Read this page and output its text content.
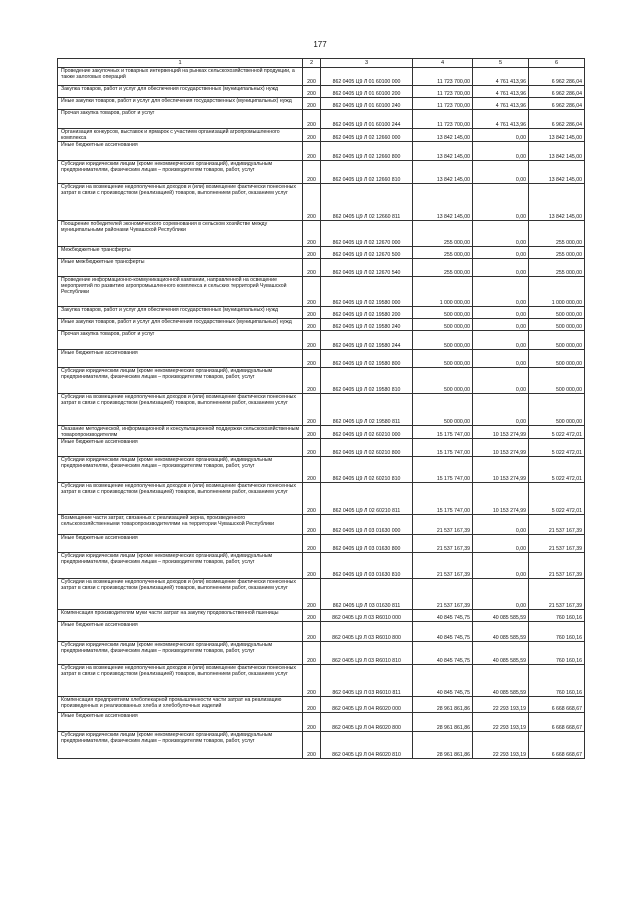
177
1	2	3	4	5	6
Проведение закупочных и товарных интервенций на рынках сельскохозяйственной продукции, а также залоговых операций	200	862 0405 Ц9 Л 01 60100 000	11 723 700,00	4 761 413,96	6 962 286,04
Закупка товаров, работ и услуг для обеспечения государственных (муниципальных) нужд	200	862 0405 Ц9 Л 01 60100 200	11 723 700,00	4 761 413,96	6 962 286,04
Иные закупки товаров, работ и услуг для обеспечения государственных (муниципальных) нужд	200	862 0405 Ц9 Л 01 60100 240	11 723 700,00	4 761 413,96	6 962 286,04
Прочая закупка товаров, работ и услуг	200	862 0405 Ц9 Л 01 60100 244	11 723 700,00	4 761 413,96	6 962 286,04
Организация конкурсов, выставок и ярмарок с участием организаций агропромышленного комплекса	200	862 0405 Ц9 Л 02 12660 000	13 842 145,00	0,00	13 842 145,00
Иные бюджетные ассигнования	200	862 0405 Ц9 Л 02 12660 800	13 842 145,00	0,00	13 842 145,00
Субсидии юридическим лицам (кроме некоммерческих организаций), индивидуальным предпринимателям, физическим лицам – производителям товаров, работ, услуг	200	862 0405 Ц9 Л 02 12660 810	13 842 145,00	0,00	13 842 145,00
Субсидии на возмещение недополученных доходов и (или) возмещение фактически понесенных затрат в связи с производством (реализацией) товаров, выполнением работ, оказанием услуг	200	862 0405 Ц9 Л 02 12660 811	13 842 145,00	0,00	13 842 145,00
Поощрение победителей экономического соревнования в сельском хозяйстве между муниципальными районами Чувашской Республики	200	862 0405 Ц9 Л 02 12670 000	255 000,00	0,00	255 000,00
Межбюджетные трансферты	200	862 0405 Ц9 Л 02 12670 500	255 000,00	0,00	255 000,00
Иные межбюджетные трансферты	200	862 0405 Ц9 Л 02 12670 540	255 000,00	0,00	255 000,00
Проведение информационно-коммуникационной кампании, направленной на освещение мероприятий по развитию агропромышленного комплекса и сельских территорий Чувашской Республики	200	862 0405 Ц9 Л 02 19580 000	1 000 000,00	0,00	1 000 000,00
Закупка товаров, работ и услуг для обеспечения государственных (муниципальных) нужд	200	862 0405 Ц9 Л 02 19580 200	500 000,00	0,00	500 000,00
Иные закупки товаров, работ и услуг для обеспечения государственных (муниципальных) нужд	200	862 0405 Ц9 Л 02 19580 240	500 000,00	0,00	500 000,00
Прочая закупка товаров, работ и услуг	200	862 0405 Ц9 Л 02 19580 244	500 000,00	0,00	500 000,00
Иные бюджетные ассигнования	200	862 0405 Ц9 Л 02 19580 800	500 000,00	0,00	500 000,00
Субсидии юридическим лицам (кроме некоммерческих организаций), индивидуальным предпринимателям, физическим лицам – производителям товаров, работ, услуг	200	862 0405 Ц9 Л 02 19580 810	500 000,00	0,00	500 000,00
Субсидии на возмещение недополученных доходов и (или) возмещение фактически понесенных затрат в связи с производством (реализацией) товаров, выполнением работ, оказанием услуг	200	862 0405 Ц9 Л 02 19580 811	500 000,00	0,00	500 000,00
Оказание методической, информационной и консультационной поддержки сельскохозяйственным товаропроизводителям	200	862 0405 Ц9 Л 02 60210 000	15 175 747,00	10 153 274,99	5 022 472,01
Иные бюджетные ассигнования	200	862 0405 Ц9 Л 02 60210 800	15 175 747,00	10 153 274,99	5 022 472,01
Субсидии юридическим лицам (кроме некоммерческих организаций), индивидуальным предпринимателям, физическим лицам – производителям товаров, работ, услуг	200	862 0405 Ц9 Л 02 60210 810	15 175 747,00	10 153 274,99	5 022 472,01
Субсидии на возмещение недополученных доходов и (или) возмещение фактически понесенных затрат в связи с производством (реализацией) товаров, выполнением работ, оказанием услуг	200	862 0405 Ц9 Л 02 60210 811	15 175 747,00	10 153 274,99	5 022 472,01
Возмещение части затрат, связанных с реализацией зерна, произведенного сельскохозяйственными товаропроизводителями на территории Чувашской Республики	200	862 0405 Ц9 Л 03 01630 000	21 537 167,39	0,00	21 537 167,39
Иные бюджетные ассигнования	200	862 0405 Ц9 Л 03 01630 800	21 537 167,39	0,00	21 537 167,39
Субсидии юридическим лицам (кроме некоммерческих организаций), индивидуальным предпринимателям, физическим лицам – производителям товаров, работ, услуг	200	862 0405 Ц9 Л 03 01630 810	21 537 167,39	0,00	21 537 167,39
Субсидии на возмещение недополученных доходов и (или) возмещение фактически понесенных затрат в связи с производством (реализацией) товаров, выполнением работ, оказанием услуг	200	862 0405 Ц9 Л 03 01630 811	21 537 167,39	0,00	21 537 167,39
Компенсация производителям муки части затрат на закупку продовольственной пшеницы	200	862 0405 Ц9 Л 03 R6010 000	40 845 745,75	40 085 585,59	760 160,16
Иные бюджетные ассигнования	200	862 0405 Ц9 Л 03 R6010 800	40 845 745,75	40 085 585,59	760 160,16
Субсидии юридическим лицам (кроме некоммерческих организаций), индивидуальным предпринимателям, физическим лицам – производителям товаров, работ, услуг	200	862 0405 Ц9 Л 03 R6010 810	40 845 745,75	40 085 585,59	760 160,16
Субсидии на возмещение недополученных доходов и (или) возмещение фактически понесенных затрат в связи с производством (реализацией) товаров, выполнением работ, оказанием услуг	200	862 0405 Ц9 Л 03 R6010 811	40 845 745,75	40 085 585,59	760 160,16
Компенсация предприятиям хлебопекарной промышленности части затрат на реализацию произведенных и реализованных хлеба и хлебобулочных изделий	200	862 0405 Ц9 Л 04 R6020 000	28 961 861,86	22 293 193,19	6 668 668,67
Иные бюджетные ассигнования	200	862 0405 Ц9 Л 04 R6020 800	28 961 861,86	22 293 193,19	6 668 668,67
Субсидии юридическим лицам (кроме некоммерческих организаций), индивидуальным предпринимателям, физическим лицам – производителям товаров, работ, услуг	200	862 0405 Ц9 Л 04 R6020 810	28 961 861,86	22 293 193,19	6 668 668,67
